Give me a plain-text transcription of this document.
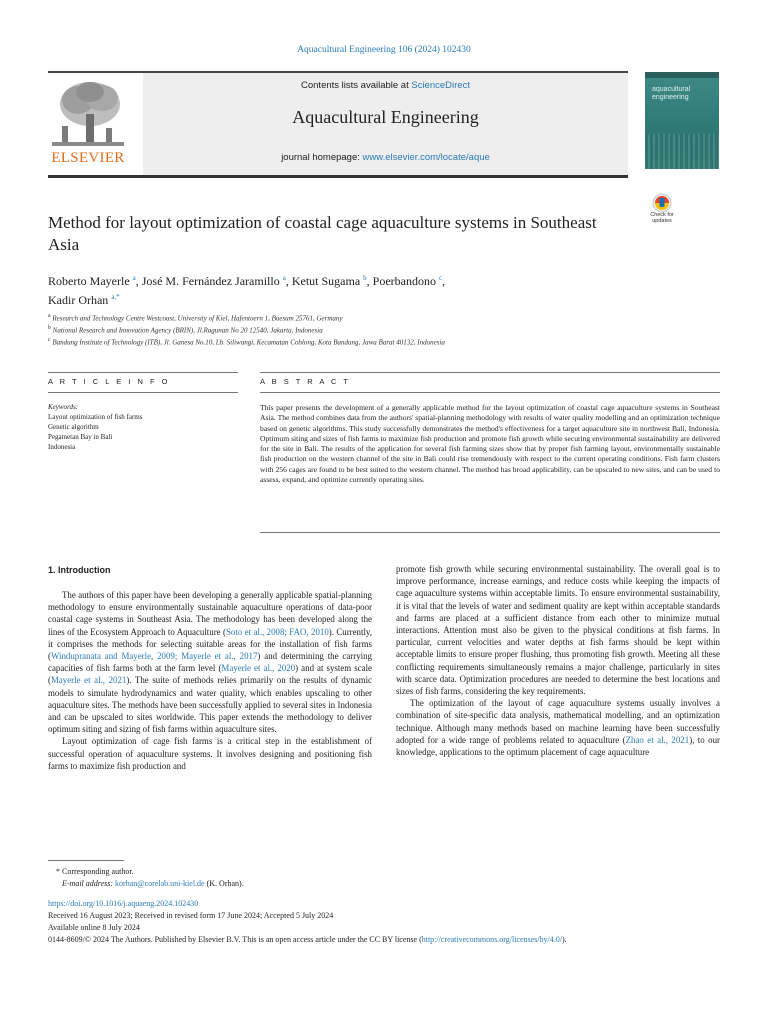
Aquacultural Engineering 106 (2024) 102430
ELSEVIER
Contents lists available at ScienceDirect
Aquacultural Engineering
journal homepage: www.elsevier.com/locate/aque
aquacultural
engineering
Method for layout optimization of coastal cage aquaculture systems in Southeast Asia
Check for updates
Roberto Mayerle $^a$, José M. Fernández Jaramillo $^a$, Ketut Sugama $^b$, Poerbandono $^c$,
Kadir Orhan $^{a,*}$
$^a$ Research and Technology Centre Westcoast, University of Kiel, Hafentoern 1, Buesum 25761, Germany
$^b$ National Research and Innovation Agency (BRIN), Jl.Ragunan No 20 12540, Jakarta, Indonesia
$^c$ Bandung Institute of Technology (ITB), Jl. Ganesa No.10, Lb. Siliwangi, Kecamatan Coblong, Kota Bandung, Jawa Barat 40132, Indonesia
A R T I C L E I N F O	A B S T R A C T
Keywords:
Layout optimization of fish farms
Genetic algorithm
Pegametan Bay in Bali
Indonesia
This paper presents the development of a generally applicable method for the layout optimization of coastal cage aquaculture systems in Southeast Asia. The method combines data from the authors' spatial-planning methodology with results of water quality modelling and an optimization technique based on genetic algorithms. This study successfully demonstrates the method's effectiveness for a target aquaculture site in northwest Bali, Indonesia. Optimum siting and sizes of fish farms to maximize fish production and promote fish growth while securing environmental sustainability are delivered for the site in Bali. The results of the application for several fish farming sizes show that by proper fish farming layout, environmentally sustainable fish production on the western channel of the site in Bali could rise tremendously with respect to the current operating conditions. Fish farm clusters with 256 cages are found to be best suited to the western channel. The method has broad applicability, can be upscaled to new sites, and can be used to assess, expand, and optimize currently operating sites.
1. Introduction

The authors of this paper have been developing a generally applicable spatial-planning methodology to ensure environmentally sustainable aquaculture operations of data-poor coastal cage systems in Southeast Asia. The methodology has been developed along the lines of the Ecosystem Approach to Aquaculture (Soto et al., 2008; FAO, 2010). Currently, it comprises the methods for selecting suitable areas for the installation of fish farms (Windupranata and Mayerle, 2009; Mayerle et al., 2017) and determining the carrying capacities of fish farms both at the farm level (Mayerle et al., 2020) and at system scale (Mayerle et al., 2021). The suite of methods relies primarily on the results of dynamic models to simulate hydrodynamics and water quality, which enables upscaling to other aquaculture sites. The methods have been successfully applied to several sites in Indonesia and can be upscaled to sites worldwide. This paper extends the methodology to deliver optimum siting and sizing of fish farms within aquaculture sites.

Layout optimization of cage fish farms is a critical step in the establishment of successful operation of aquaculture systems. It involves designing and positioning fish farms to maximize fish production and

promote fish growth while securing environmental sustainability. The overall goal is to improve performance, increase earnings, and reduce costs while keeping the impacts of cage aquaculture systems within acceptable limits. To ensure environmental sustainability, it is vital that the levels of water and sediment quality are kept within acceptable standards and farms are placed at a sufficient distance from each other to minimize mutual interactions. Attention must also be given to the physical conditions at fish farms. In particular, current velocities and water depths at fish farms should be kept within acceptable limits to ensure proper flushing, thus promoting fish growth. Meeting all these conflicting requirements simultaneously remains a major challenge, particularly in sites with scarce data. Optimization procedures are needed to determine the best locations and sizes of fish farms, considering the key requirements.

The optimization of the layout of cage aquaculture systems usually involves a combination of site-specific data analysis, mathematical modelling, and an optimization technique. Although many methods based on machine learning have been successfully adopted for a wide range of problems related to aquaculture (Zhao et al., 2021), to our knowledge, applications to the optimum placement of cage aquaculture

* Corresponding author.
E-mail address: korhan@corelab.uni-kiel.de (K. Orhan).
https://doi.org/10.1016/j.aquaeng.2024.102430
Received 16 August 2023; Received in revised form 17 June 2024; Accepted 5 July 2024
Available online 8 July 2024
0144-8609/© 2024 The Authors. Published by Elsevier B.V. This is an open access article under the CC BY license (http://creativecommons.org/licenses/by/4.0/).
